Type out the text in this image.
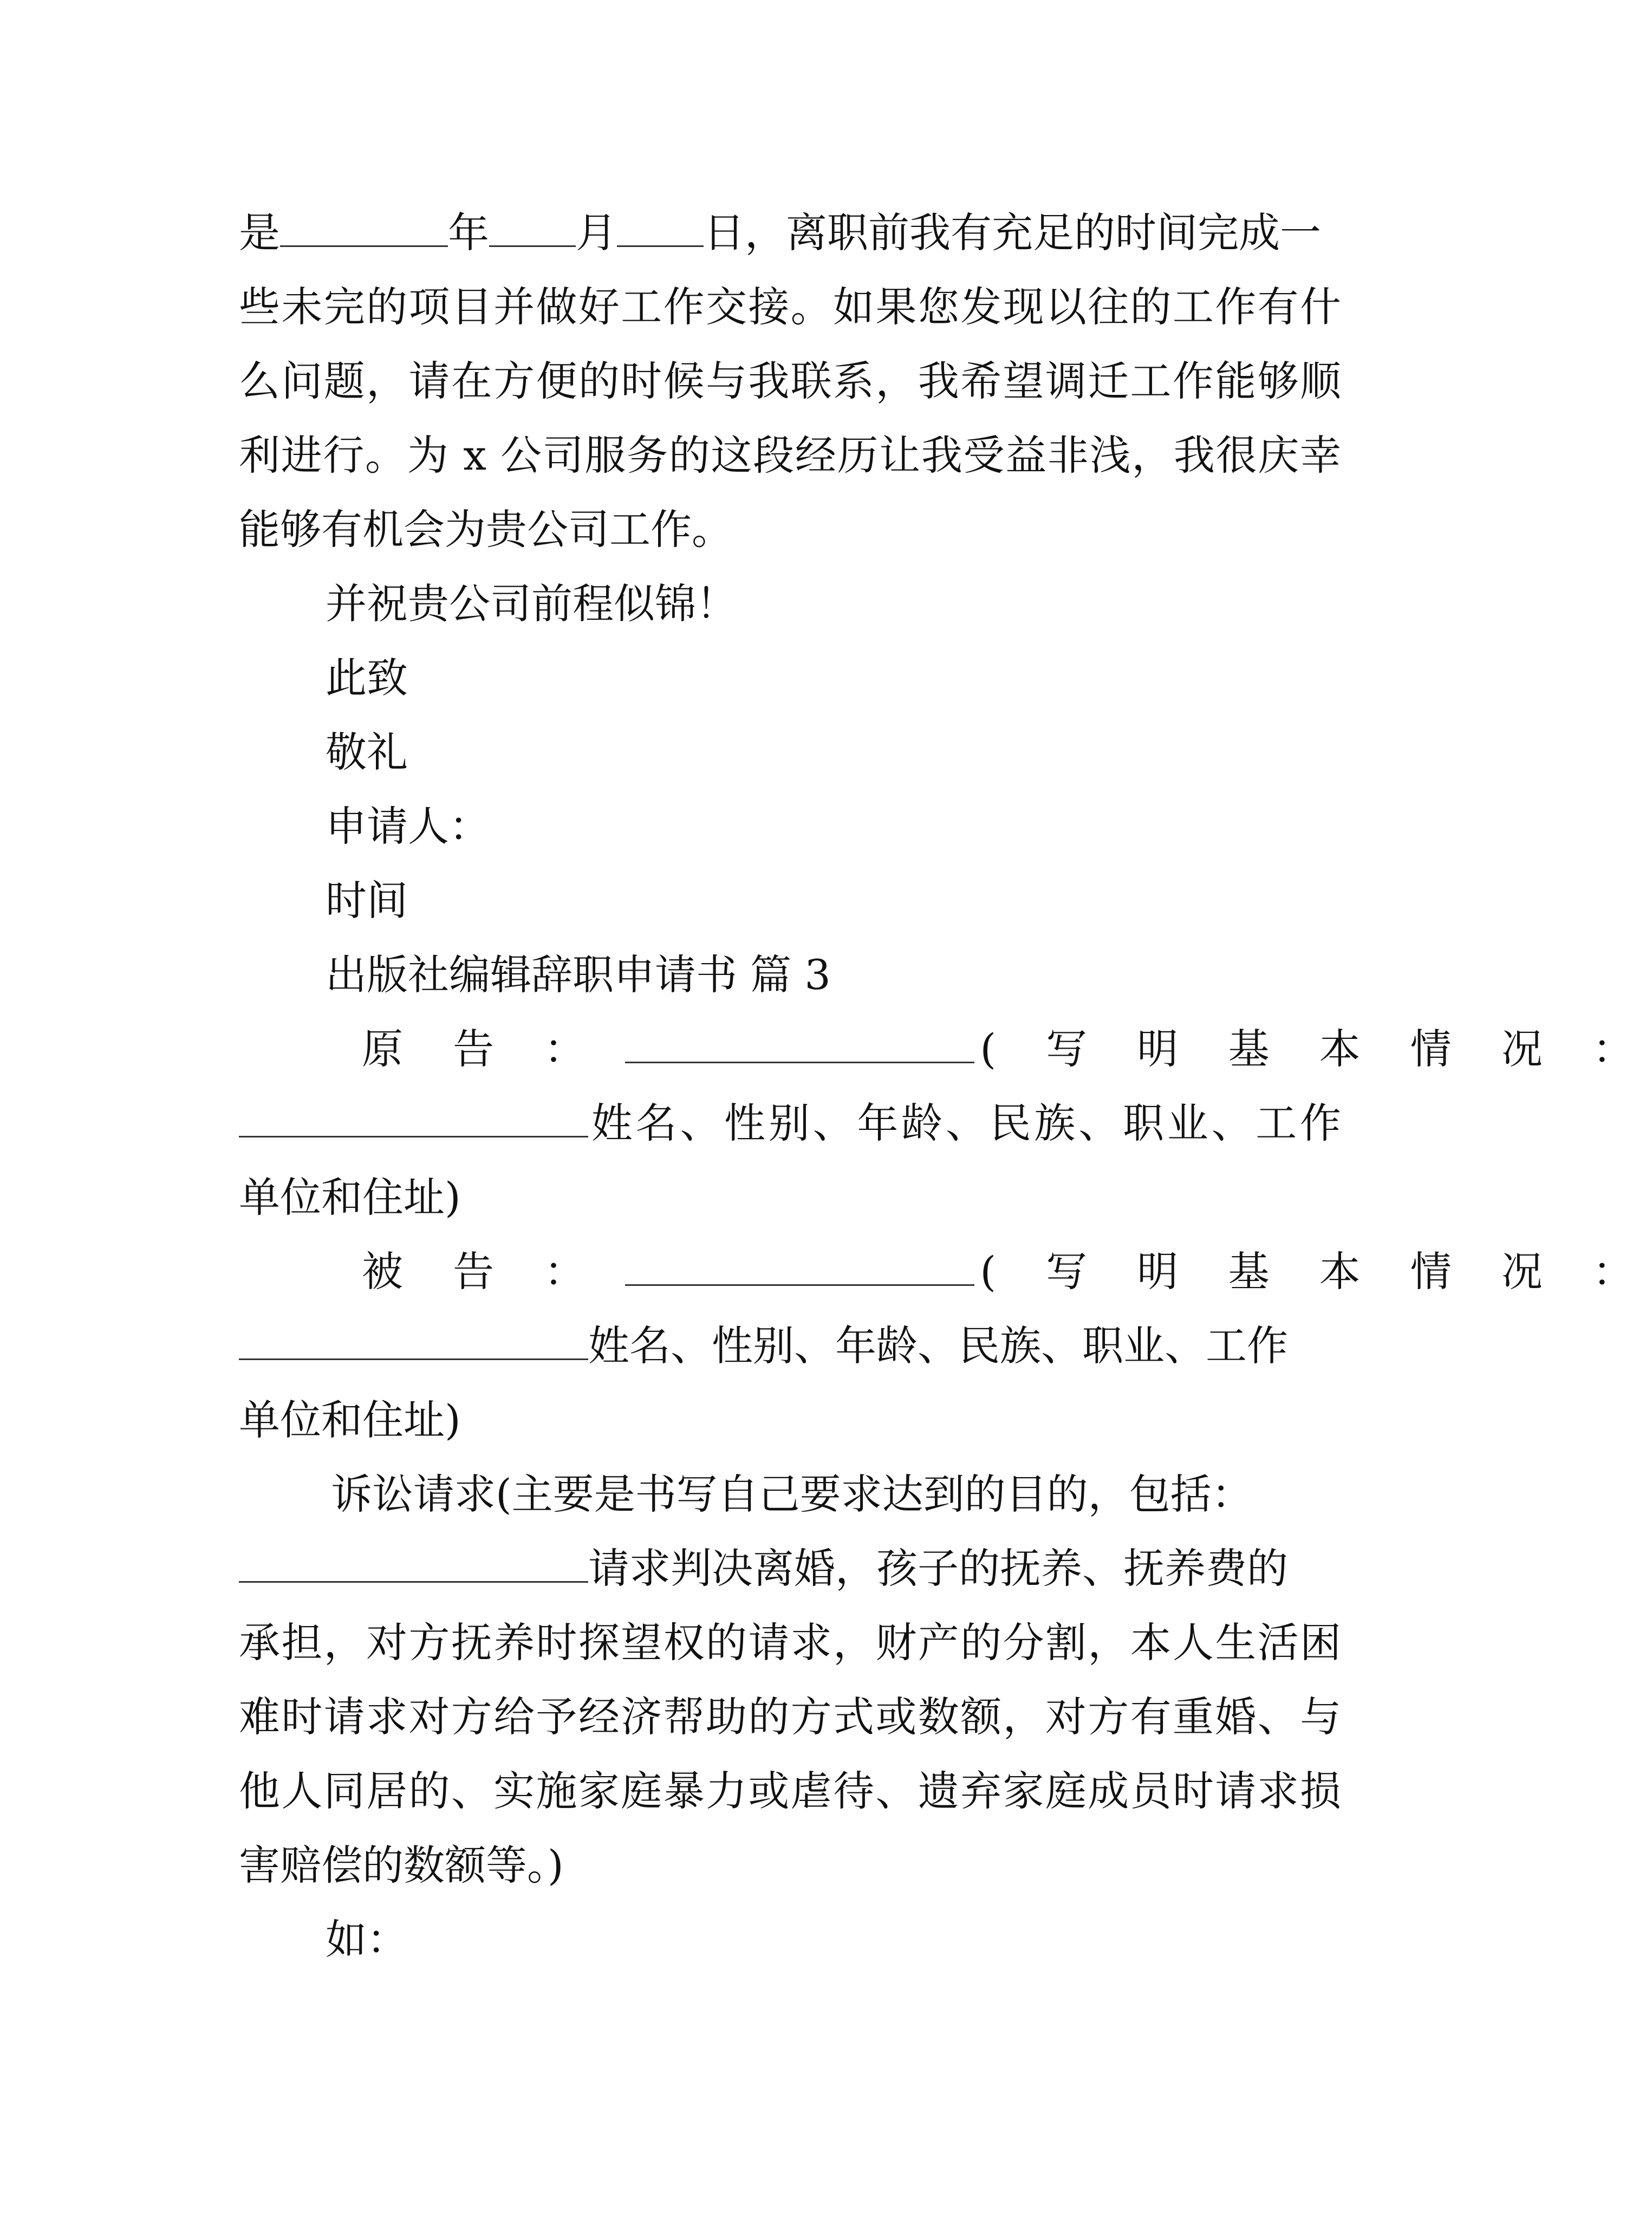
是	年 月 日，离职前我有充足的时间完成一
些未完的项目并做好工作交接。如果您发现以往的工作有什
么问题，请在方便的时候与我联系，我希望调迁工作能够顺
利进行。为 x 公司服务的这段经历让我受益非浅，我很庆幸
能够有机会为贵公司工作。
并祝贵公司前程似锦！
此致
敬礼
申请人：
时间
出版社编辑辞职申请书 篇 3
原 告 ：	( 写 明 基 本 情 况 ：
姓名、性别、年龄、民族、职业、工作
单位和住址)
被 告 ：	( 写 明 基 本 情 况 ：
姓名、性别、年龄、民族、职业、工作
单位和住址)
诉讼请求(主要是书写自己要求达到的目的，包括：
请求判决离婚，孩子的抚养、抚养费的
承担，对方抚养时探望权的请求，财产的分割，本人生活困
难时请求对方给予经济帮助的方式或数额，对方有重婚、与
他人同居的、实施家庭暴力或虐待、遗弃家庭成员时请求损
害赔偿的数额等。)
如：
